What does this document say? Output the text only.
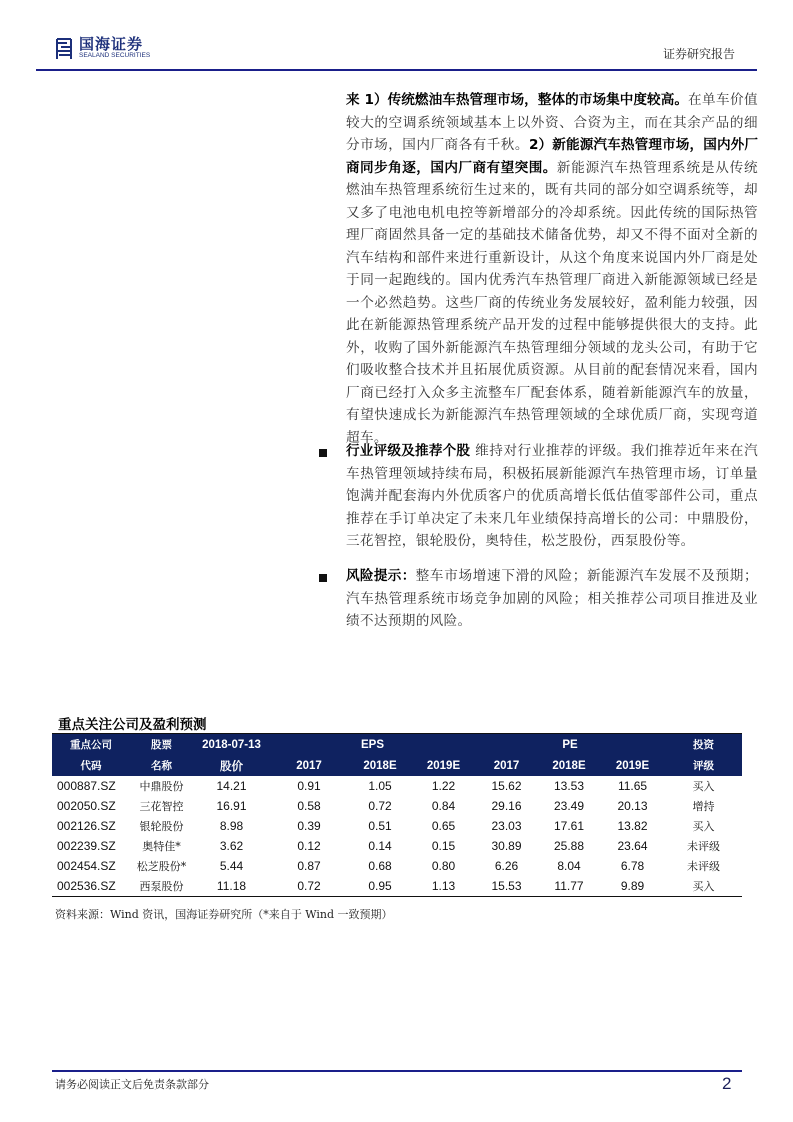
国海证券
SEALAND SECURITIES	证券研究报告
来 1）传统燃油车热管理市场，整体的市场集中度较高。在单车价值较大的空调系统领域基本上以外资、合资为主，而在其余产品的细分市场，国内厂商各有千秋。2）新能源汽车热管理市场，国内外厂商同步角逐，国内厂商有望突围。新能源汽车热管理系统是从传统燃油车热管理系统衍生过来的，既有共同的部分如空调系统等，却又多了电池电机电控等新增部分的冷却系统。因此传统的国际热管理厂商固然具备一定的基础技术储备优势，却又不得不面对全新的汽车结构和部件来进行重新设计，从这个角度来说国内外厂商是处于同一起跑线的。国内优秀汽车热管理厂商进入新能源领域已经是一个必然趋势。这些厂商的传统业务发展较好，盈利能力较强，因此在新能源热管理系统产品开发的过程中能够提供很大的支持。此外，收购了国外新能源汽车热管理细分领域的龙头公司，有助于它们吸收整合技术并且拓展优质资源。从目前的配套情况来看，国内厂商已经打入众多主流整车厂配套体系，随着新能源汽车的放量，有望快速成长为新能源汽车热管理领域的全球优质厂商，实现弯道超车。
行业评级及推荐个股 维持对行业推荐的评级。我们推荐近年来在汽车热管理领域持续布局，积极拓展新能源汽车热管理市场，订单量饱满并配套海内外优质客户的优质高增长低估值零部件公司，重点推荐在手订单决定了未来几年业绩保持高增长的公司：中鼎股份，三花智控，银轮股份，奥特佳，松芝股份，西泵股份等。
风险提示：整车市场增速下滑的风险；新能源汽车发展不及预期；汽车热管理系统市场竞争加剧的风险；相关推荐公司项目推进及业绩不达预期的风险。
重点关注公司及盈利预测
重点公司	股票	2018-07-13	EPS			PE			投资
代码	名称	股价	2017	2018E	2019E	2017	2018E	2019E	评级
000887.SZ	中鼎股份	14.21	0.91	1.05	1.22	15.62	13.53	11.65	买入
002050.SZ	三花智控	16.91	0.58	0.72	0.84	29.16	23.49	20.13	增持
002126.SZ	银轮股份	8.98	0.39	0.51	0.65	23.03	17.61	13.82	买入
002239.SZ	奥特佳*	3.62	0.12	0.14	0.15	30.89	25.88	23.64	未评级
002454.SZ	松芝股份*	5.44	0.87	0.68	0.80	6.26	8.04	6.78	未评级
002536.SZ	西泵股份	11.18	0.72	0.95	1.13	15.53	11.77	9.89	买入
资料来源：Wind 资讯，国海证券研究所（*来自于 Wind 一致预期）
请务必阅读正文后免责条款部分	2
